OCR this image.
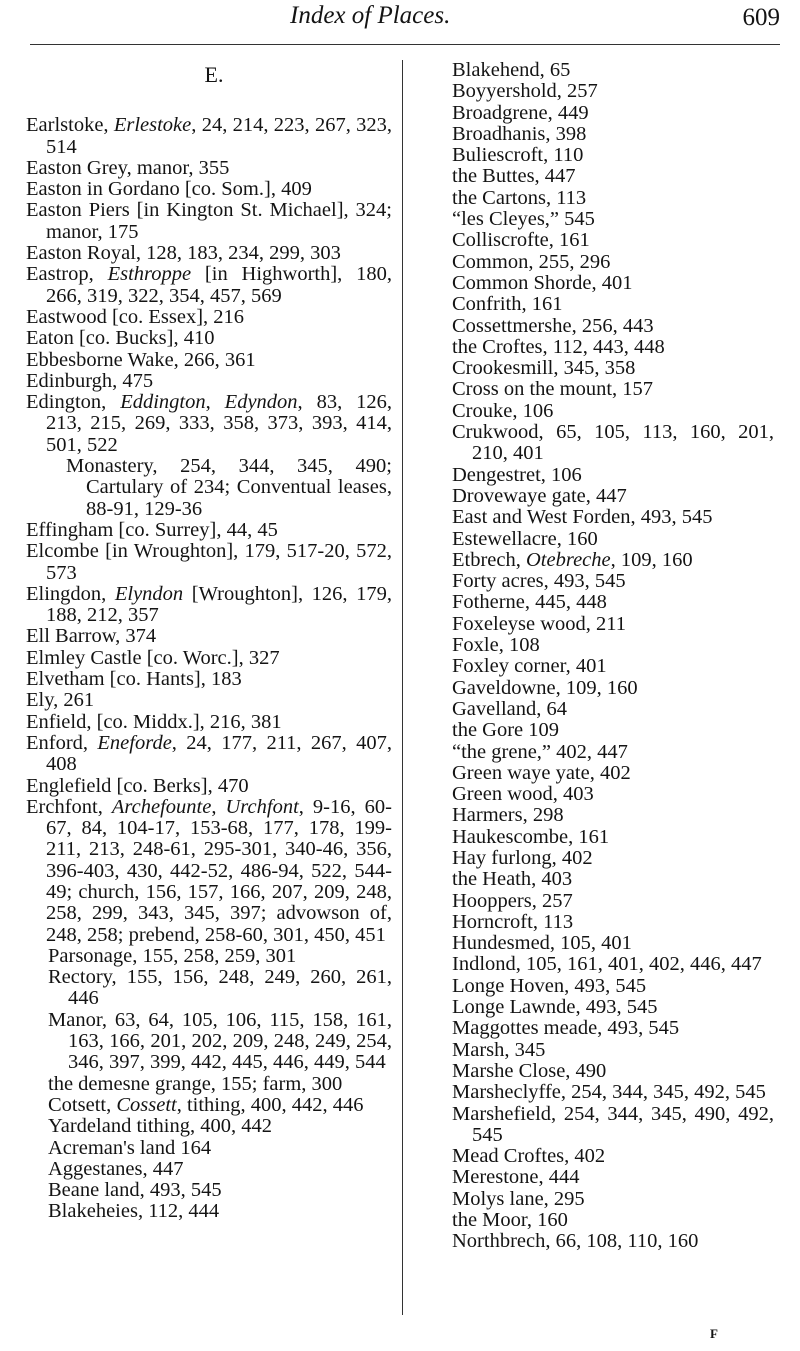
Index of Places.	609
E.
Earlstoke, Erlestoke, 24, 214, 223, 267, 323, 514
Easton Grey, manor, 355
Easton in Gordano [co. Som.], 409
Easton Piers [in Kington St. Michael], 324; manor, 175
Easton Royal, 128, 183, 234, 299, 303
Eastrop, Esthroppe [in Highworth], 180, 266, 319, 322, 354, 457, 569
Eastwood [co. Essex], 216
Eaton [co. Bucks], 410
Ebbesborne Wake, 266, 361
Edinburgh, 475
Edington, Eddington, Edyndon, 83, 126, 213, 215, 269, 333, 358, 373, 393, 414, 501, 522
Monastery, 254, 344, 345, 490; Cartulary of 234; Conventual leases, 88-91, 129-36
Effingham [co. Surrey], 44, 45
Elcombe [in Wroughton], 179, 517-20, 572, 573
Elingdon, Elyndon [Wroughton], 126, 179, 188, 212, 357
Ell Barrow, 374
Elmley Castle [co. Worc.], 327
Elvetham [co. Hants], 183
Ely, 261
Enfield, [co. Middx.], 216, 381
Enford, Eneforde, 24, 177, 211, 267, 407, 408
Englefield [co. Berks], 470
Erchfont, Archefounte, Urchfont, 9-16, 60-67, 84, 104-17, 153-68, 177, 178, 199-211, 213, 248-61, 295-301, 340-46, 356, 396-403, 430, 442-52, 486-94, 522, 544-49; church, 156, 157, 166, 207, 209, 248, 258, 299, 343, 345, 397; advowson of, 248, 258; prebend, 258-60, 301, 450, 451
Parsonage, 155, 258, 259, 301
Rectory, 155, 156, 248, 249, 260, 261, 446
Manor, 63, 64, 105, 106, 115, 158, 161, 163, 166, 201, 202, 209, 248, 249, 254, 346, 397, 399, 442, 445, 446, 449, 544
the demesne grange, 155; farm, 300
Cotsett, Cossett, tithing, 400, 442, 446
Yardeland tithing, 400, 442
Acreman's land 164
Aggestanes, 447
Beane land, 493, 545
Blakeheies, 112, 444
Blakehend, 65
Boyyershold, 257
Broadgrene, 449
Broadhanis, 398
Buliescroft, 110
the Buttes, 447
the Cartons, 113
“les Cleyes,” 545
Colliscrofte, 161
Common, 255, 296
Common Shorde, 401
Confrith, 161
Cossettmershe, 256, 443
the Croftes, 112, 443, 448
Crookesmill, 345, 358
Cross on the mount, 157
Crouke, 106
Crukwood, 65, 105, 113, 160, 201, 210, 401
Dengestret, 106
Drovewaye gate, 447
East and West Forden, 493, 545
Estewellacre, 160
Etbrech, Otebreche, 109, 160
Forty acres, 493, 545
Fotherne, 445, 448
Foxeleyse wood, 211
Foxle, 108
Foxley corner, 401
Gaveldowne, 109, 160
Gavelland, 64
the Gore 109
“the grene,” 402, 447
Green waye yate, 402
Green wood, 403
Harmers, 298
Haukescombe, 161
Hay furlong, 402
the Heath, 403
Hooppers, 257
Horncroft, 113
Hundesmed, 105, 401
Indlond, 105, 161, 401, 402, 446, 447
Longe Hoven, 493, 545
Longe Lawnde, 493, 545
Maggottes meade, 493, 545
Marsh, 345
Marshe Close, 490
Marsheclyffe, 254, 344, 345, 492, 545
Marshefield, 254, 344, 345, 490, 492, 545
Mead Croftes, 402
Merestone, 444
Molys lane, 295
the Moor, 160
Northbrech, 66, 108, 110, 160
F
